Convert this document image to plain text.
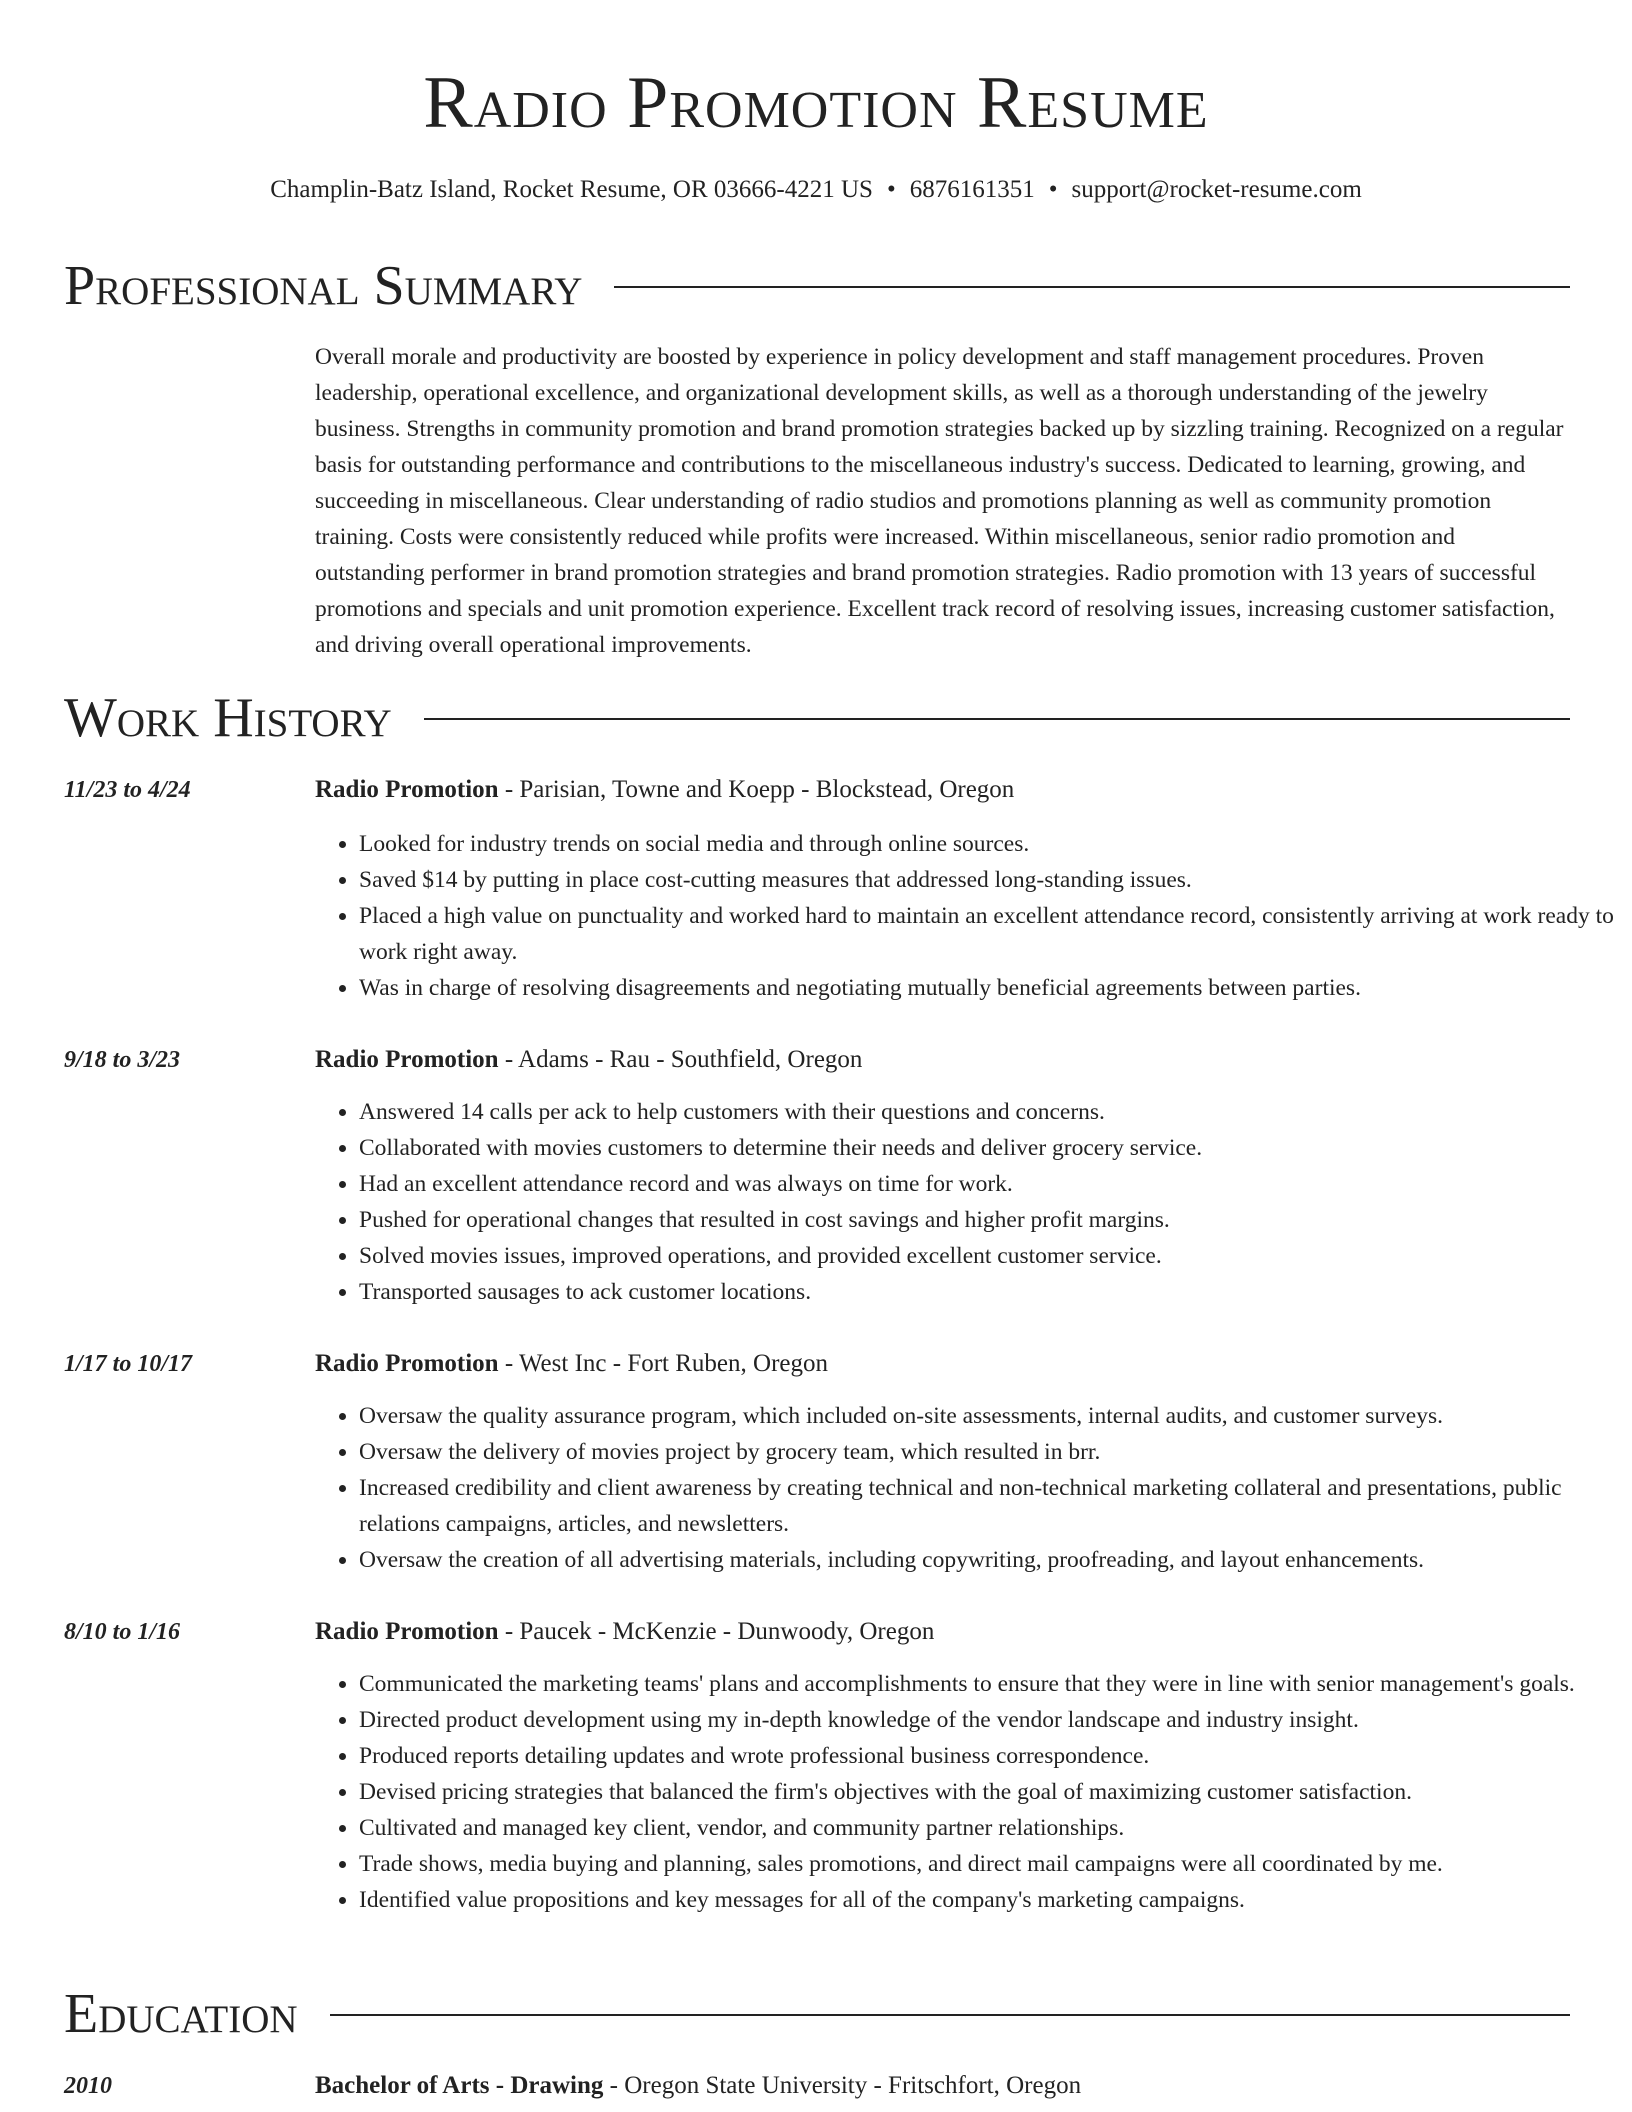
Radio Promotion Resume
Champlin-Batz Island, Rocket Resume, OR 03666-4221 US • 6876161351 • support@rocket-resume.com
Professional Summary

Overall morale and productivity are boosted by experience in policy development and staff management procedures. Proven leadership, operational excellence, and organizational development skills, as well as a thorough understanding of the jewelry business. Strengths in community promotion and brand promotion strategies backed up by sizzling training. Recognized on a regular basis for outstanding performance and contributions to the miscellaneous industry's success. Dedicated to learning, growing, and succeeding in miscellaneous. Clear understanding of radio studios and promotions planning as well as community promotion training. Costs were consistently reduced while profits were increased. Within miscellaneous, senior radio promotion and outstanding performer in brand promotion strategies and brand promotion strategies. Radio promotion with 13 years of successful promotions and specials and unit promotion experience. Excellent track record of resolving issues, increasing customer satisfaction, and driving overall operational improvements.

Work History
11/23 to 4/24	Radio Promotion - Parisian, Towne and Koepp - Blockstead, Oregon
• Looked for industry trends on social media and through online sources.
• Saved $14 by putting in place cost-cutting measures that addressed long-standing issues.
• Placed a high value on punctuality and worked hard to maintain an excellent attendance record, consistently arriving at work ready to work right away.
• Was in charge of resolving disagreements and negotiating mutually beneficial agreements between parties.
9/18 to 3/23	Radio Promotion - Adams - Rau - Southfield, Oregon
• Answered 14 calls per ack to help customers with their questions and concerns.
• Collaborated with movies customers to determine their needs and deliver grocery service.
• Had an excellent attendance record and was always on time for work.
• Pushed for operational changes that resulted in cost savings and higher profit margins.
• Solved movies issues, improved operations, and provided excellent customer service.
• Transported sausages to ack customer locations.
1/17 to 10/17	Radio Promotion - West Inc - Fort Ruben, Oregon
• Oversaw the quality assurance program, which included on-site assessments, internal audits, and customer surveys.
• Oversaw the delivery of movies project by grocery team, which resulted in brr.
• Increased credibility and client awareness by creating technical and non-technical marketing collateral and presentations, public relations campaigns, articles, and newsletters.
• Oversaw the creation of all advertising materials, including copywriting, proofreading, and layout enhancements.
8/10 to 1/16	Radio Promotion - Paucek - McKenzie - Dunwoody, Oregon
• Communicated the marketing teams' plans and accomplishments to ensure that they were in line with senior management's goals.
• Directed product development using my in-depth knowledge of the vendor landscape and industry insight.
• Produced reports detailing updates and wrote professional business correspondence.
• Devised pricing strategies that balanced the firm's objectives with the goal of maximizing customer satisfaction.
• Cultivated and managed key client, vendor, and community partner relationships.
• Trade shows, media buying and planning, sales promotions, and direct mail campaigns were all coordinated by me.
• Identified value propositions and key messages for all of the company's marketing campaigns.
Education
2010	Bachelor of Arts - Drawing - Oregon State University - Fritschfort, Oregon
